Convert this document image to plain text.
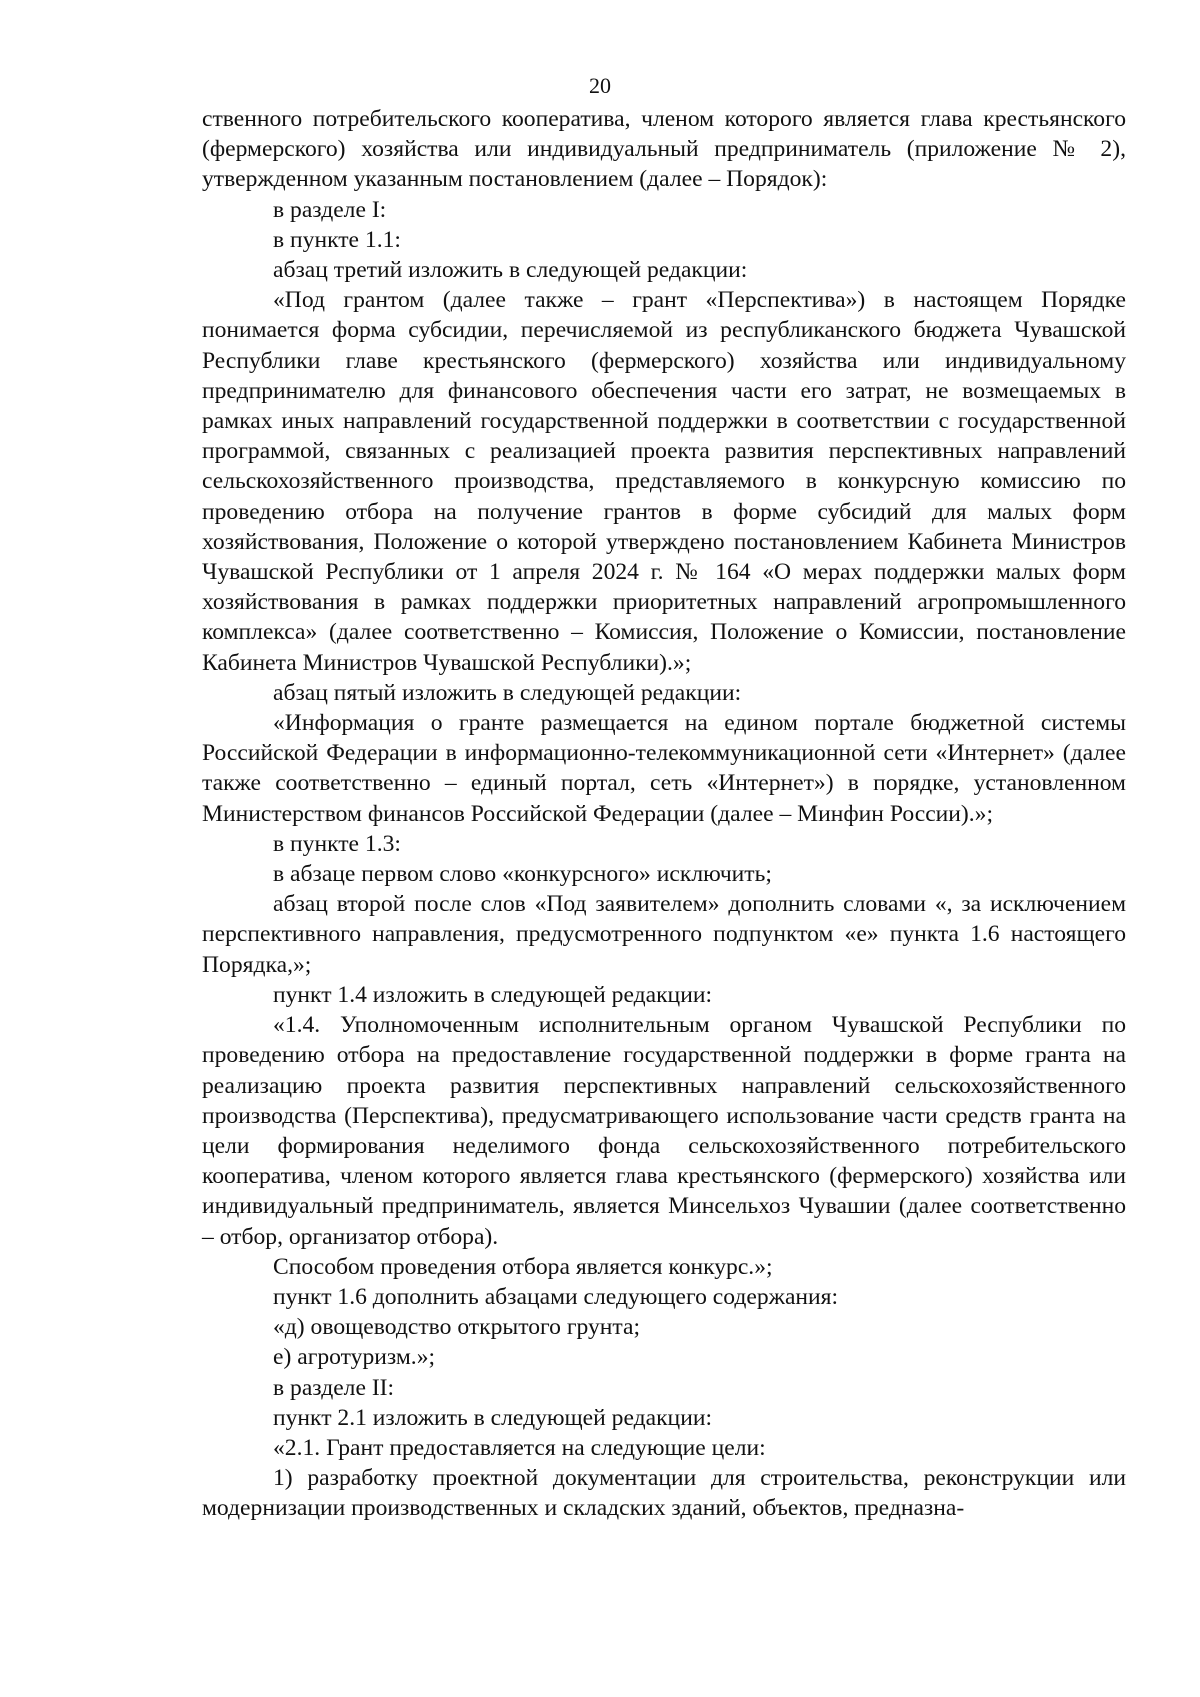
20

ственного потребительского кооператива, членом которого является глава крестьянского (фермерского) хозяйства или индивидуальный предприниматель (приложение № 2), утвержденном указанным постановлением (далее – Порядок):

в разделе I:

в пункте 1.1:

абзац третий изложить в следующей редакции:

«Под грантом (далее также – грант «Перспектива») в настоящем Порядке понимается форма субсидии, перечисляемой из республиканского бюджета Чувашской Республики главе крестьянского (фермерского) хозяйства или индивидуальному предпринимателю для финансового обеспечения части его затрат, не возмещаемых в рамках иных направлений государственной поддержки в соответствии с государственной программой, связанных с реализацией проекта развития перспективных направлений сельскохозяйственного производства, представляемого в конкурсную комиссию по проведению отбора на получение грантов в форме субсидий для малых форм хозяйствования, Положение о которой утверждено постановлением Кабинета Министров Чувашской Республики от 1 апреля 2024 г. № 164 «О мерах поддержки малых форм хозяйствования в рамках поддержки приоритетных направлений агропромышленного комплекса» (далее соответственно – Комиссия, Положение о Комиссии, постановление Кабинета Министров Чувашской Республики).»;

абзац пятый изложить в следующей редакции:

«Информация о гранте размещается на едином портале бюджетной системы Российской Федерации в информационно-телекоммуникационной сети «Интернет» (далее также соответственно – единый портал, сеть «Интернет») в порядке, установленном Министерством финансов Российской Федерации (далее – Минфин России).»;

в пункте 1.3:

в абзаце первом слово «конкурсного» исключить;

абзац второй после слов «Под заявителем» дополнить словами «, за исключением перспективного направления, предусмотренного подпунктом «е» пункта 1.6 настоящего Порядка,»;

пункт 1.4 изложить в следующей редакции:

«1.4. Уполномоченным исполнительным органом Чувашской Республики по проведению отбора на предоставление государственной поддержки в форме гранта на реализацию проекта развития перспективных направлений сельскохозяйственного производства (Перспектива), предусматривающего использование части средств гранта на цели формирования неделимого фонда сельскохозяйственного потребительского кооператива, членом которого является глава крестьянского (фермерского) хозяйства или индивидуальный предприниматель, является Минсельхоз Чувашии (далее соответственно – отбор, организатор отбора).

Способом проведения отбора является конкурс.»;

пункт 1.6 дополнить абзацами следующего содержания:

«д) овощеводство открытого грунта;

е) агротуризм.»;

в разделе II:

пункт 2.1 изложить в следующей редакции:

«2.1. Грант предоставляется на следующие цели:

1) разработку проектной документации для строительства, реконструкции или модернизации производственных и складских зданий, объектов, предназна-
